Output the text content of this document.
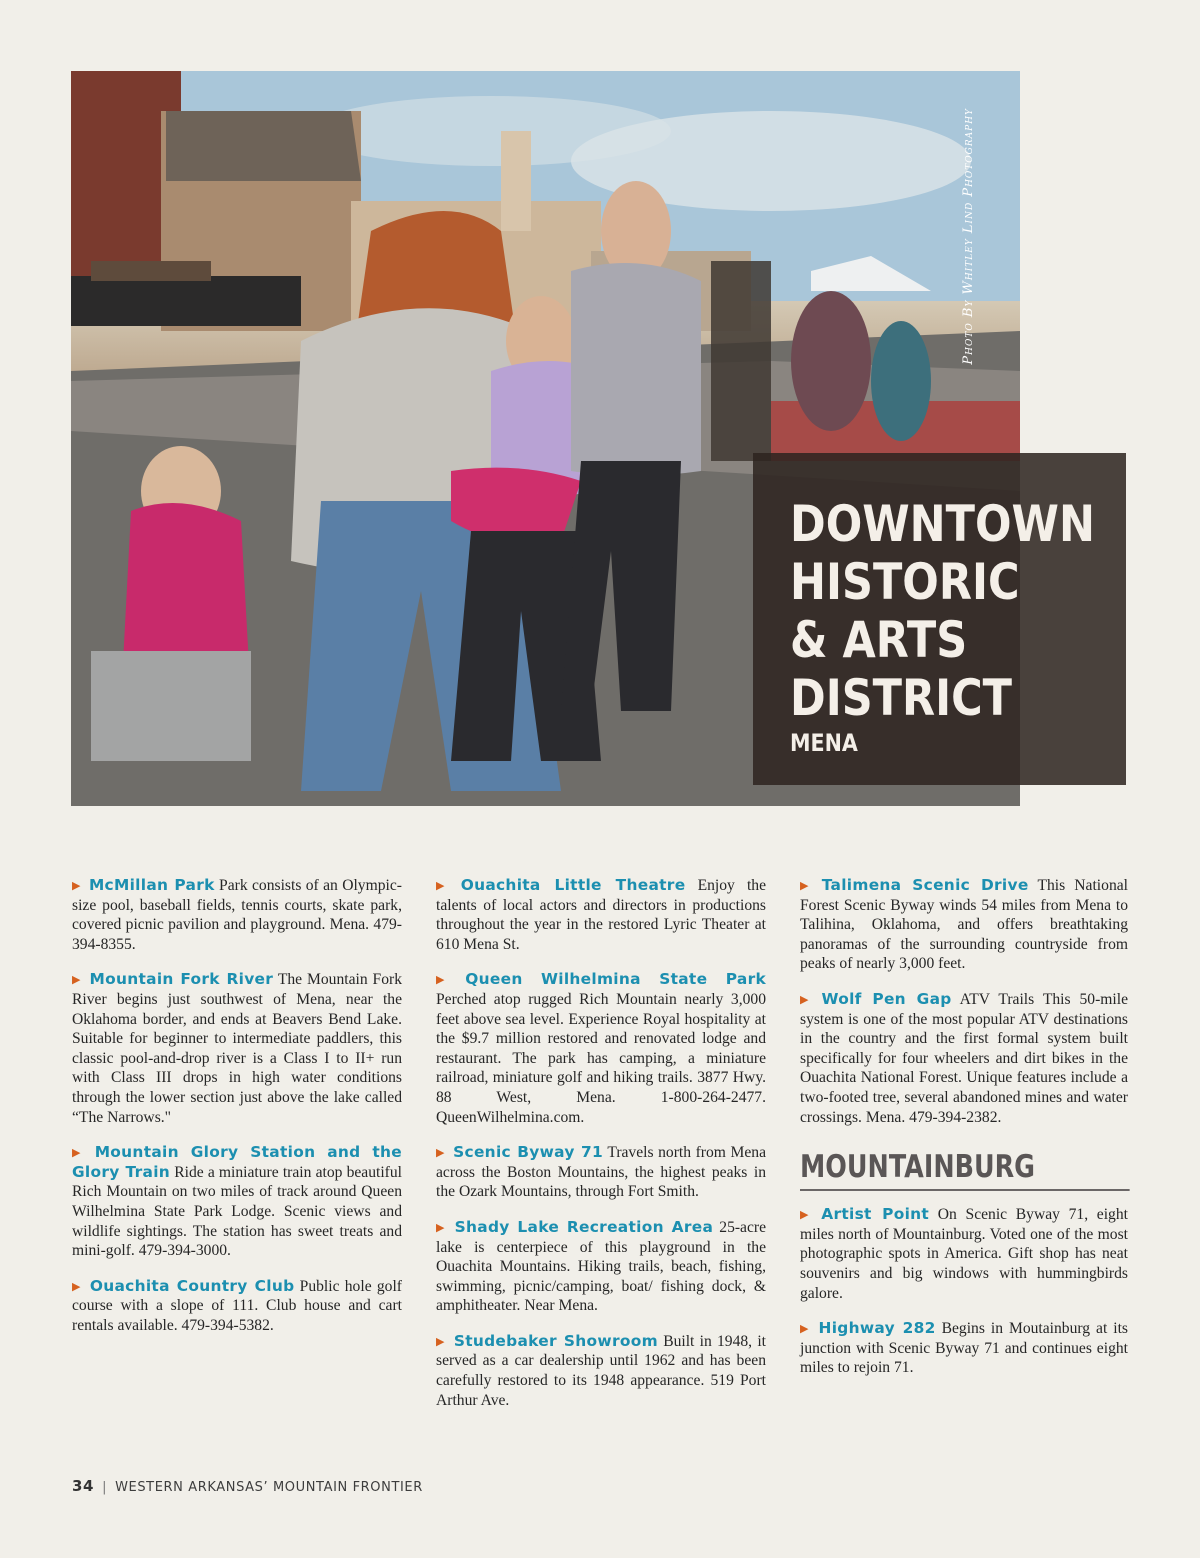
Photo By Whitley Lind Photography
DOWNTOWN
HISTORIC
& ARTS
DISTRICT
MENA

▶ McMillan Park Park consists of an Olympic-size pool, baseball fields, tennis courts, skate park, covered picnic pavilion and playground. Mena. 479- 394-8355.

▶ Mountain Fork River The Mountain Fork River begins just southwest of Mena, near the Oklahoma border, and ends at Beavers Bend Lake. Suitable for beginner to intermediate paddlers, this classic pool-and-drop river is a Class I to II+ run with Class III drops in high water conditions through the lower section just above the lake called “The Narrows."

▶ Mountain Glory Station and the Glory Train Ride a miniature train atop beautiful Rich Mountain on two miles of track around Queen Wilhelmina State Park Lodge. Scenic views and wildlife sightings. The station has sweet treats and mini-golf. 479-394-3000.

▶ Ouachita Country Club Public hole golf course with a slope of 111. Club house and cart rentals available. 479-394-5382.

▶ Ouachita Little Theatre Enjoy the talents of local actors and directors in productions throughout the year in the restored Lyric Theater at 610 Mena St.

▶ Queen Wilhelmina State Park Perched atop rugged Rich Mountain nearly 3,000 feet above sea level. Experience Royal hospitality at the $9.7 million restored and renovated lodge and restaurant. The park has camping, a miniature railroad, miniature golf and hiking trails. 3877 Hwy. 88 West, Mena. 1-800-264-2477. QueenWilhelmina.com.

▶ Scenic Byway 71 Travels north from Mena across the Boston Mountains, the highest peaks in the Ozark Mountains, through Fort Smith.

▶ Shady Lake Recreation Area 25-acre lake is centerpiece of this playground in the Ouachita Mountains. Hiking trails, beach, fishing, swimming, picnic/camping, boat/ fishing dock, & amphitheater. Near Mena.

▶ Studebaker Showroom Built in 1948, it served as a car dealership until 1962 and has been carefully restored to its 1948 appearance. 519 Port Arthur Ave.

▶ Talimena Scenic Drive This National Forest Scenic Byway winds 54 miles from Mena to Talihina, Oklahoma, and offers breathtaking panoramas of the surrounding countryside from peaks of nearly 3,000 feet.

▶ Wolf Pen Gap ATV Trails This 50-mile system is one of the most popular ATV destinations in the country and the first formal system built specifically for four wheelers and dirt bikes in the Ouachita National Forest. Unique features include a two-footed tree, several abandoned mines and water crossings. Mena. 479-394-2382.

MOUNTAINBURG

▶ Artist Point On Scenic Byway 71, eight miles north of Mountainburg. Voted one of the most photographic spots in America. Gift shop has neat souvenirs and big windows with hummingbirds galore.

▶ Highway 282 Begins in Moutainburg at its junction with Scenic Byway 71 and continues eight miles to rejoin 71.

34 | WESTERN ARKANSAS’ MOUNTAIN FRONTIER
